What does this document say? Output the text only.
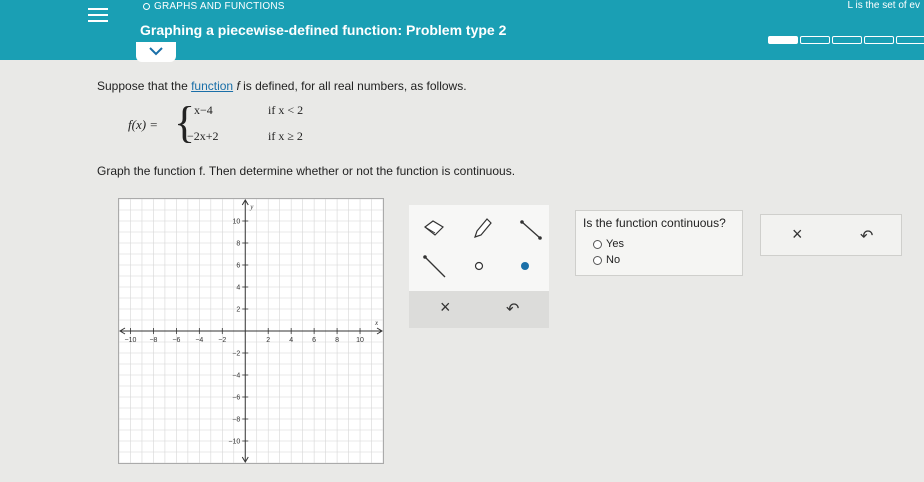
GRAPHS AND FUNCTIONS
Graphing a piecewise-defined function: Problem type 2
L is the set of ev
Suppose that the function f is defined, for all real numbers, as follows.
f(x) = {
x−4	if x < 2
−2x+2	if x ≥ 2
Graph the function f. Then determine whether or not the function is continuous.
−10 −8 −6 −4 −2	2	4	6	8 10
10
8
6
4
2
−2
−4
−6
−8
−10
x
y
×	↶
Is the function continuous?
Yes
No
×	↶
